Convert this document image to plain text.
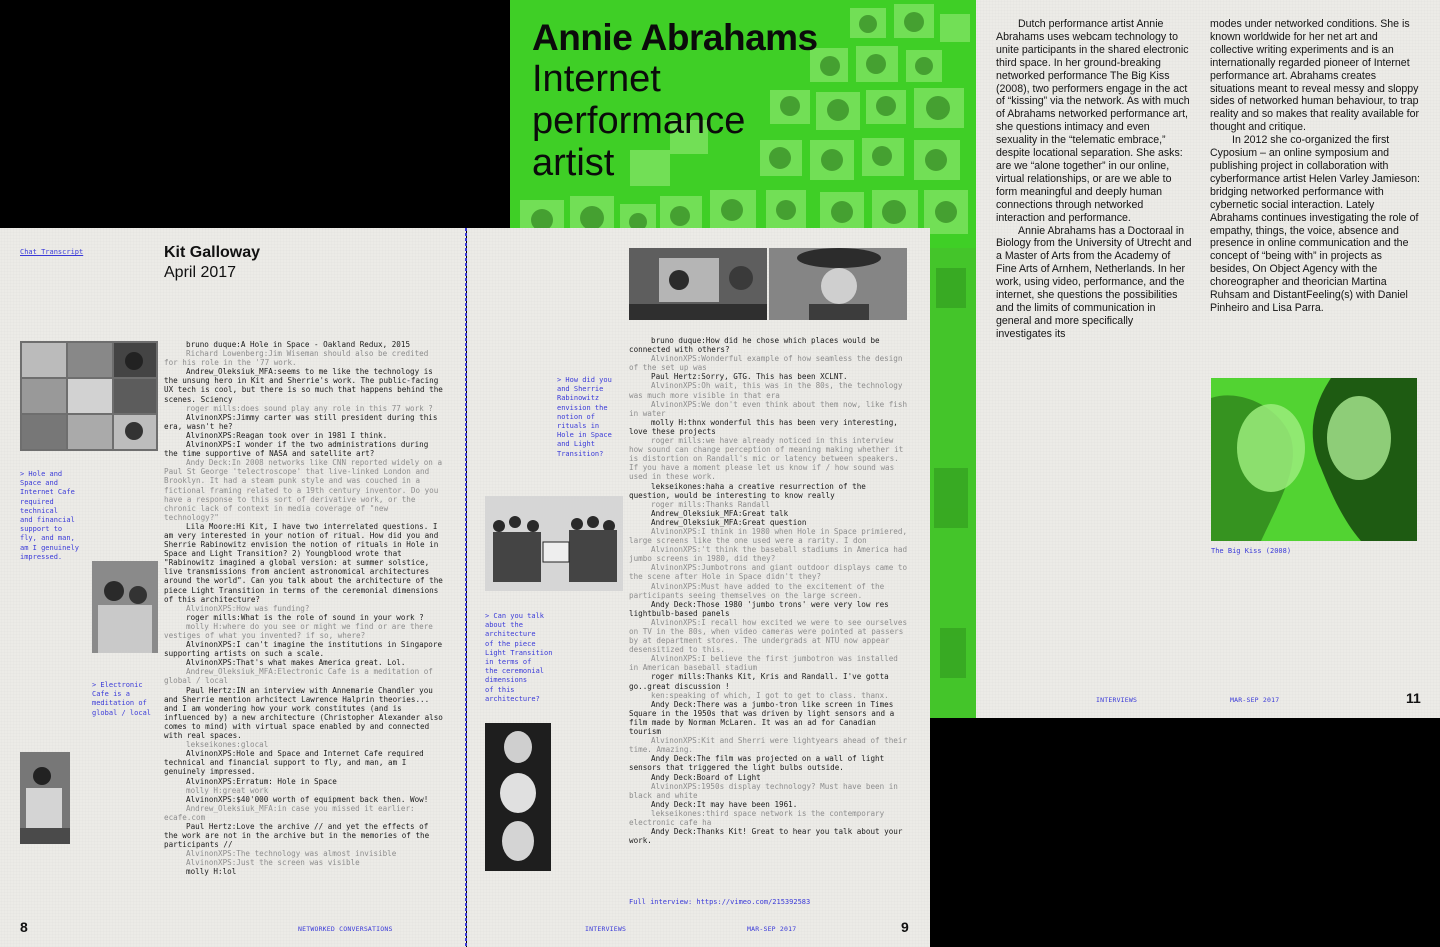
Annie Abrahams
Internet
performance
artist

Dutch performance artist Annie Abrahams uses webcam technology to unite participants in the shared electronic third space. In her ground-breaking networked performance The Big Kiss (2008), two performers engage in the act of “kissing” via the network. As with much of Abrahams networked performance art, she questions intimacy and even sexuality in the “telematic embrace,” despite locational separation. She asks: are we “alone together” in our online, virtual relationships, or are we able to form meaningful and deeply human connections through networked interaction and performance.

Annie Abrahams has a Doctoraal in Biology from the University of Utrecht and a Master of Arts from the Academy of Fine Arts of Arnhem, Netherlands. In her work, using video, performance, and the internet, she questions the possibilities and the limits of communication in general and more specifically investigates its

modes under networked conditions. She is known worldwide for her net art and collective writing experiments and is an internationally regarded pioneer of Internet performance art. Abrahams creates situations meant to reveal messy and sloppy sides of networked human behaviour, to trap reality and so makes that reality available for thought and critique.

In 2012 she co-organized the first Cyposium – an online symposium and publishing project in collaboration with cyberformance artist Helen Varley Jamieson: bridging networked performance with cybernetic social interaction. Lately Abrahams continues investigating the role of empathy, things, the voice, absence and presence in online communication and the concept of “being with” in projects as besides, On Object Agency with the choreographer and theorician Martina Ruhsam and DistantFeeling(s) with Daniel Pinheiro and Lisa Parra.

The Big Kiss (2008)
INTERVIEWS	MAR-SEP 2017	11
Chat Transcript	Kit Galloway
April 2017
> Hole and
Space and
Internet Cafe
required
technical
and financial
support to
fly, and man,
am I genuinely
impressed.
> Electronic
Cafe is a
meditation of
global / local
bruno duque:A Hole in Space - Oakland Redux, 2015
Richard Lowenberg:Jim Wiseman should also be credited for his role in the '77 work.
Andrew_Oleksiuk_MFA:seems to me like the technology is the unsung hero in Kit and Sherrie's work. The public-facing UX tech is cool, but there is so much that happens behind the scenes. Sciency
roger mills:does sound play any role in this 77 work ?
AlvinonXPS:Jimmy carter was still president during this era, wasn't he?
AlvinonXPS:Reagan took over in 1981 I think.
AlvinonXPS:I wonder if the two administrations during the time supportive of NASA and satellite art?
Andy Deck:In 2008 networks like CNN reported widely on a Paul St George 'telectroscope' that live-linked London and Brooklyn. It had a steam punk style and was couched in a fictional framing related to a 19th century inventor. Do you have a response to this sort of derivative work, or the chronic lack of context in media coverage of "new technology?"
Lila Moore:Hi Kit, I have two interrelated questions. I am very interested in your notion of ritual. How did you and Sherrie Rabinowitz envision the notion of rituals in Hole in Space and Light Transition? 2) Youngblood wrote that "Rabinowitz imagined a global version: at summer solstice, live transmissions from ancient astronomical architectures around the world". Can you talk about the architecture of the piece Light Transition in terms of the ceremonial dimensions of this architecture?
AlvinonXPS:How was funding?
roger mills:What is the role of sound in your work ?
molly H:where do you see or might we find or are there vestiges of what you invented? if so, where?
AlvinonXPS:I can't imagine the institutions in Singapore supporting artists on such a scale.
AlvinonXPS:That's what makes America great. Lol.
Andrew_Oleksiuk_MFA:Electronic Cafe is a meditation of global / local
Paul Hertz:IN an interview with Annemarie Chandler you and Sherrie mention arhcitect Lawrence Halprin theories... and I am wondering how your work constitutes (and is influenced by) a new architecture (Christopher Alexander also comes to mind) with virtual space enabled by and connected with real spaces.
lekseikones:glocal
AlvinonXPS:Hole and Space and Internet Cafe required technical and financial support to fly, and man, am I genuinely impressed.
AlvinonXPS:Erratum: Hole in Space
molly H:great work
AlvinonXPS:$40'000 worth of equipment back then. Wow!
Andrew_Oleksiuk_MFA:in case you missed it earlier: ecafe.com
Paul Hertz:Love the archive // and yet the effects of the work are not in the archive but in the memories of the participants //
AlvinonXPS:The technology was almost invisible
AlvinonXPS:Just the screen was visible
molly H:lol
8	NETWORKED CONVERSATIONS
> How did you
and Sherrie
Rabinowitz
envision the
notion of
rituals in
Hole in Space
and Light
Transition?
> Can you talk
about the
architecture
of the piece
Light Transition
in terms of
the ceremonial
dimensions
of this
architecture?
bruno duque:How did he chose which places would be connected with others?
AlvinonXPS:Wonderful example of how seamless the design of the set up was
Paul Hertz:Sorry, GTG. This has been XCLNT.
AlvinonXPS:Oh wait, this was in the 80s, the technology was much more visible in that era
AlvinonXPS:We don't even think about them now, like fish in water
molly H:thnx wonderful this has been very interesting, love these projects
roger mills:we have already noticed in this interview how sound can change perception of meaning making whether it is distortion on Randall's mic or latency between speakers. If you have a moment please let us know if / how sound was used in these work.
lekseikones:haha a creative resurrection of the question, would be interesting to know really
roger mills:Thanks Randall
Andrew_Oleksiuk_MFA:Great talk
Andrew_Oleksiuk_MFA:Great question
AlvinonXPS:I think in 1980 when Hole in Space primiered, large screens like the one used were a rarity. I don
AlvinonXPS:'t think the baseball stadiums in America had jumbo screens in 1980, did they?
AlvinonXPS:Jumbotrons and giant outdoor displays came to the scene after Hole in Space didn't they?
AlvinonXPS:Must have added to the excitement of the participants seeing themselves on the large screen.
Andy Deck:Those 1980 'jumbo trons' were very low res lightbulb-based panels
AlvinonXPS:I recall how excited we were to see ourselves on TV in the 80s, when video cameras were pointed at passers by at department stores. The undergrads at NTU now appear desensitized to this.
AlvinonXPS:I believe the first jumbotron was installed in American baseball stadium
roger mills:Thanks Kit, Kris and Randall. I've gotta go..great discussion !
ken:speaking of which, I got to get to class. thanx.
Andy Deck:There was a jumbo-tron like screen in Times Square in the 1950s that was driven by light sensors and a film made by Norman McLaren. It was an ad for Canadian tourism
AlvinonXPS:Kit and Sherri were lightyears ahead of their time. Amazing.
Andy Deck:The film was projected on a wall of light sensors that triggered the light bulbs outside.
Andy Deck:Board of Light
AlvinonXPS:1950s display technology? Must have been in black and white
Andy Deck:It may have been 1961.
lekseikones:third space network is the contemporary electronic cafe ha
Andy Deck:Thanks Kit! Great to hear you talk about your work.
Full interview: https://vimeo.com/215392583
INTERVIEWS	MAR-SEP 2017	9
